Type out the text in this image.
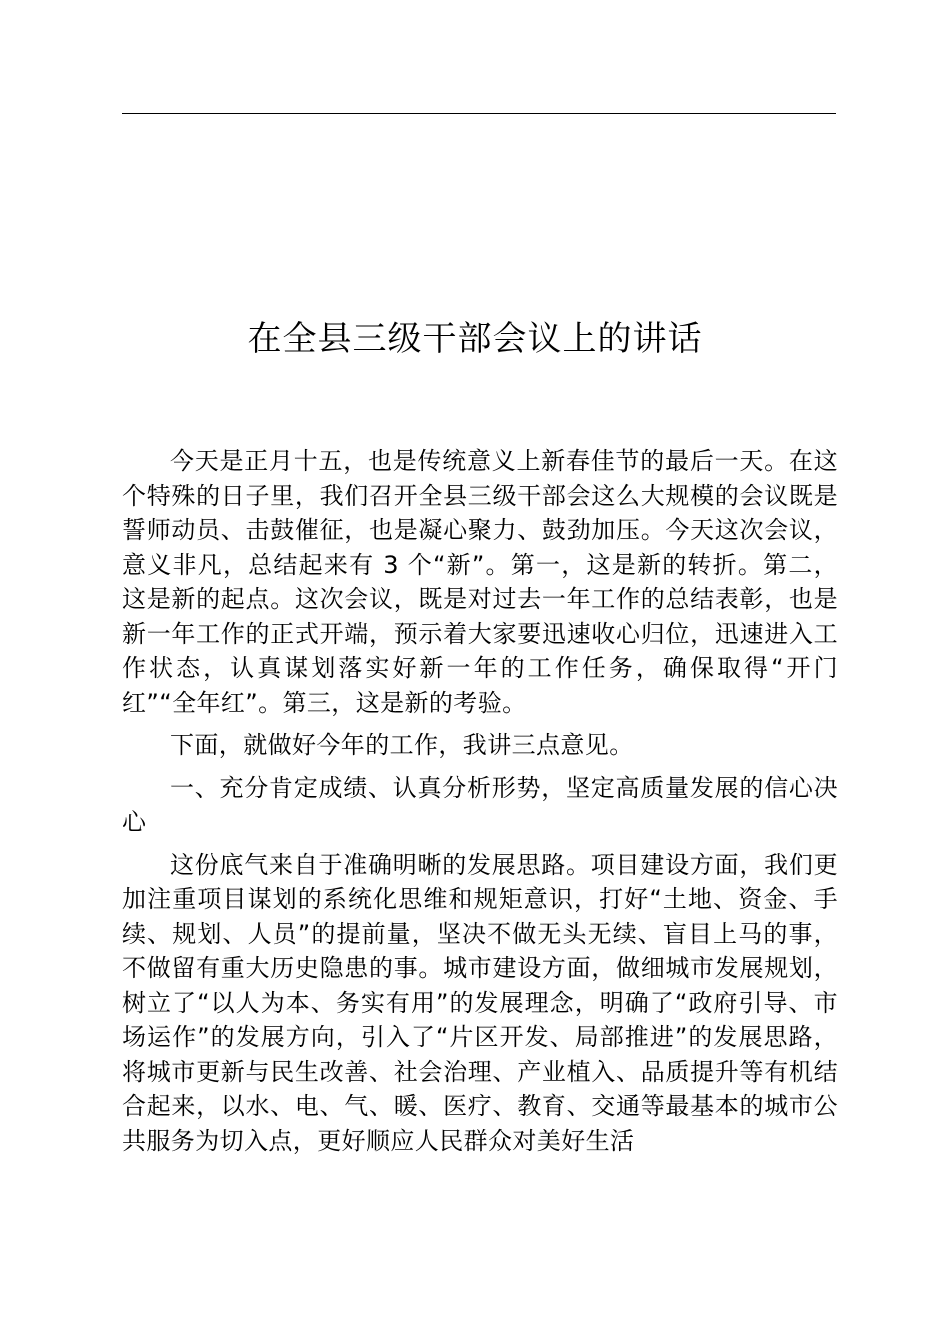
在全县三级干部会议上的讲话

今天是正月十五，也是传统意义上新春佳节的最后一天。在这个特殊的日子里，我们召开全县三级干部会这么大规模的会议既是誓师动员、击鼓催征，也是凝心聚力、鼓劲加压。今天这次会议，意义非凡，总结起来有 3 个“新”。第一，这是新的转折。第二，这是新的起点。这次会议，既是对过去一年工作的总结表彰，也是新一年工作的正式开端，预示着大家要迅速收心归位，迅速进入工作状态，认真谋划落实好新一年的工作任务，确保取得“开门红”“全年红”。第三，这是新的考验。

下面，就做好今年的工作，我讲三点意见。

一、充分肯定成绩、认真分析形势，坚定高质量发展的信心决心

这份底气来自于准确明晰的发展思路。项目建设方面，我们更加注重项目谋划的系统化思维和规矩意识，打好“土地、资金、手续、规划、人员”的提前量，坚决不做无头无续、盲目上马的事，不做留有重大历史隐患的事。城市建设方面，做细城市发展规划，树立了“以人为本、务实有用”的发展理念，明确了“政府引导、市场运作”的发展方向，引入了“片区开发、局部推进”的发展思路，将城市更新与民生改善、社会治理、产业植入、品质提升等有机结合起来，以水、电、气、暖、医疗、教育、交通等最基本的城市公共服务为切入点，更好顺应人民群众对美好生活
